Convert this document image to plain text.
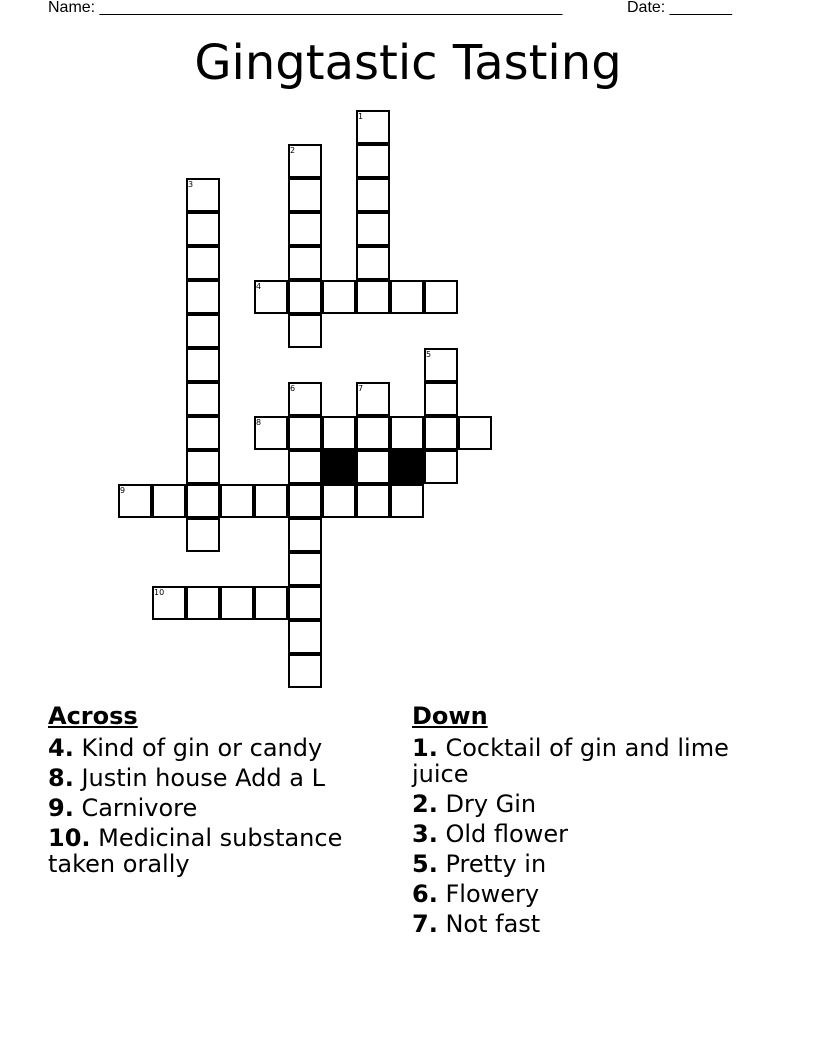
Name: ____________________________________________________	Date: _______
Gingtastic Tasting
4
8
9
10
1
2
3
5
6	7
Across
4. Kind of gin or candy
8. Justin house Add a L
9. Carnivore
10. Medicinal substance taken orally
Down
1. Cocktail of gin and lime juice
2. Dry Gin
3. Old flower
5. Pretty in
6. Flowery
7. Not fast
